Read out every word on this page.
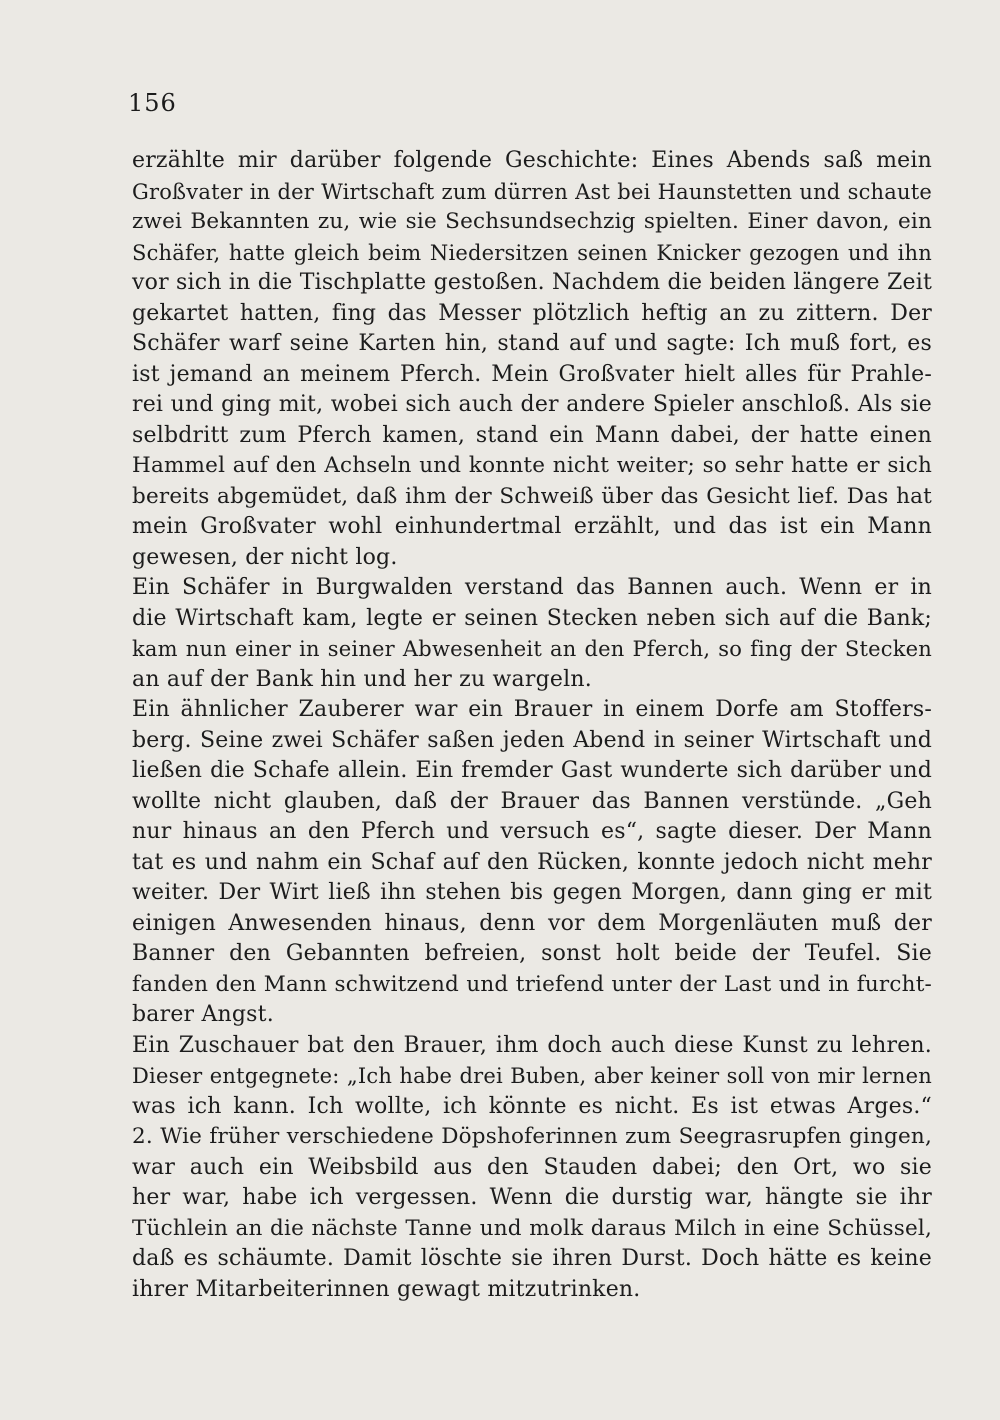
156
erzählte mir darüber folgende Geschichte: Eines Abends saß mein
Großvater in der Wirtschaft zum dürren Ast bei Haunstetten und schaute
zwei Bekannten zu, wie sie Sechsundsechzig spielten. Einer davon, ein
Schäfer, hatte gleich beim Niedersitzen seinen Knicker gezogen und ihn
vor sich in die Tischplatte gestoßen. Nachdem die beiden längere Zeit
gekartet hatten, fing das Messer plötzlich heftig an zu zittern. Der
Schäfer warf seine Karten hin, stand auf und sagte: Ich muß fort, es
ist jemand an meinem Pferch. Mein Großvater hielt alles für Prahle-
rei und ging mit, wobei sich auch der andere Spieler anschloß. Als sie
selbdritt zum Pferch kamen, stand ein Mann dabei, der hatte einen
Hammel auf den Achseln und konnte nicht weiter; so sehr hatte er sich
bereits abgemüdet, daß ihm der Schweiß über das Gesicht lief. Das hat
mein Großvater wohl einhundertmal erzählt, und das ist ein Mann
gewesen, der nicht log.
Ein Schäfer in Burgwalden verstand das Bannen auch. Wenn er in
die Wirtschaft kam, legte er seinen Stecken neben sich auf die Bank;
kam nun einer in seiner Abwesenheit an den Pferch, so fing der Stecken
an auf der Bank hin und her zu wargeln.
Ein ähnlicher Zauberer war ein Brauer in einem Dorfe am Stoffers-
berg. Seine zwei Schäfer saßen jeden Abend in seiner Wirtschaft und
ließen die Schafe allein. Ein fremder Gast wunderte sich darüber und
wollte nicht glauben, daß der Brauer das Bannen verstünde. „Geh
nur hinaus an den Pferch und versuch es“, sagte dieser. Der Mann
tat es und nahm ein Schaf auf den Rücken, konnte jedoch nicht mehr
weiter. Der Wirt ließ ihn stehen bis gegen Morgen, dann ging er mit
einigen Anwesenden hinaus, denn vor dem Morgenläuten muß der
Banner den Gebannten befreien, sonst holt beide der Teufel. Sie
fanden den Mann schwitzend und triefend unter der Last und in furcht-
barer Angst.
Ein Zuschauer bat den Brauer, ihm doch auch diese Kunst zu lehren.
Dieser entgegnete: „Ich habe drei Buben, aber keiner soll von mir lernen
was ich kann. Ich wollte, ich könnte es nicht. Es ist etwas Arges.“
2. Wie früher verschiedene Döpshoferinnen zum Seegrasrupfen gingen,
war auch ein Weibsbild aus den Stauden dabei; den Ort, wo sie
her war, habe ich vergessen. Wenn die durstig war, hängte sie ihr
Tüchlein an die nächste Tanne und molk daraus Milch in eine Schüssel,
daß es schäumte. Damit löschte sie ihren Durst. Doch hätte es keine
ihrer Mitarbeiterinnen gewagt mitzutrinken.
